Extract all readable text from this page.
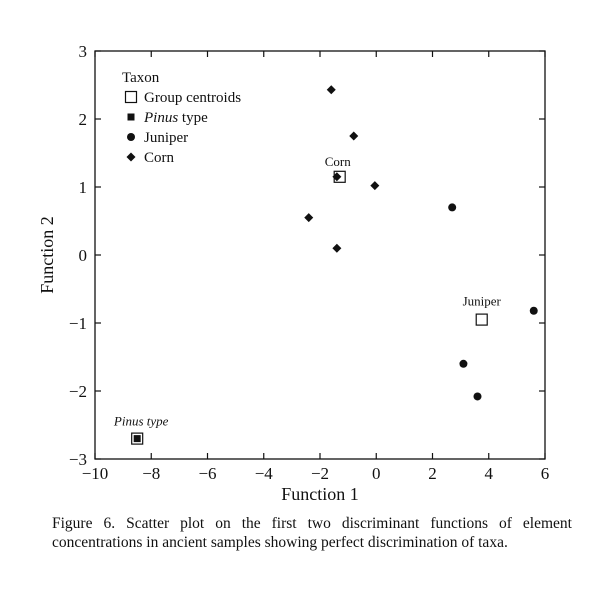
−10 −8 −6 −4 −2	0	2	4	6
−3
−2
−1
0
1
2
3
Function 1
Function 2
Taxon
Group centroids
Pinus type
Juniper
Corn	Corn
Juniper
Pinus type
Figure 6. Scatter plot on the first two discriminant functions of element concentrations in ancient samples showing perfect discrimination of taxa.
